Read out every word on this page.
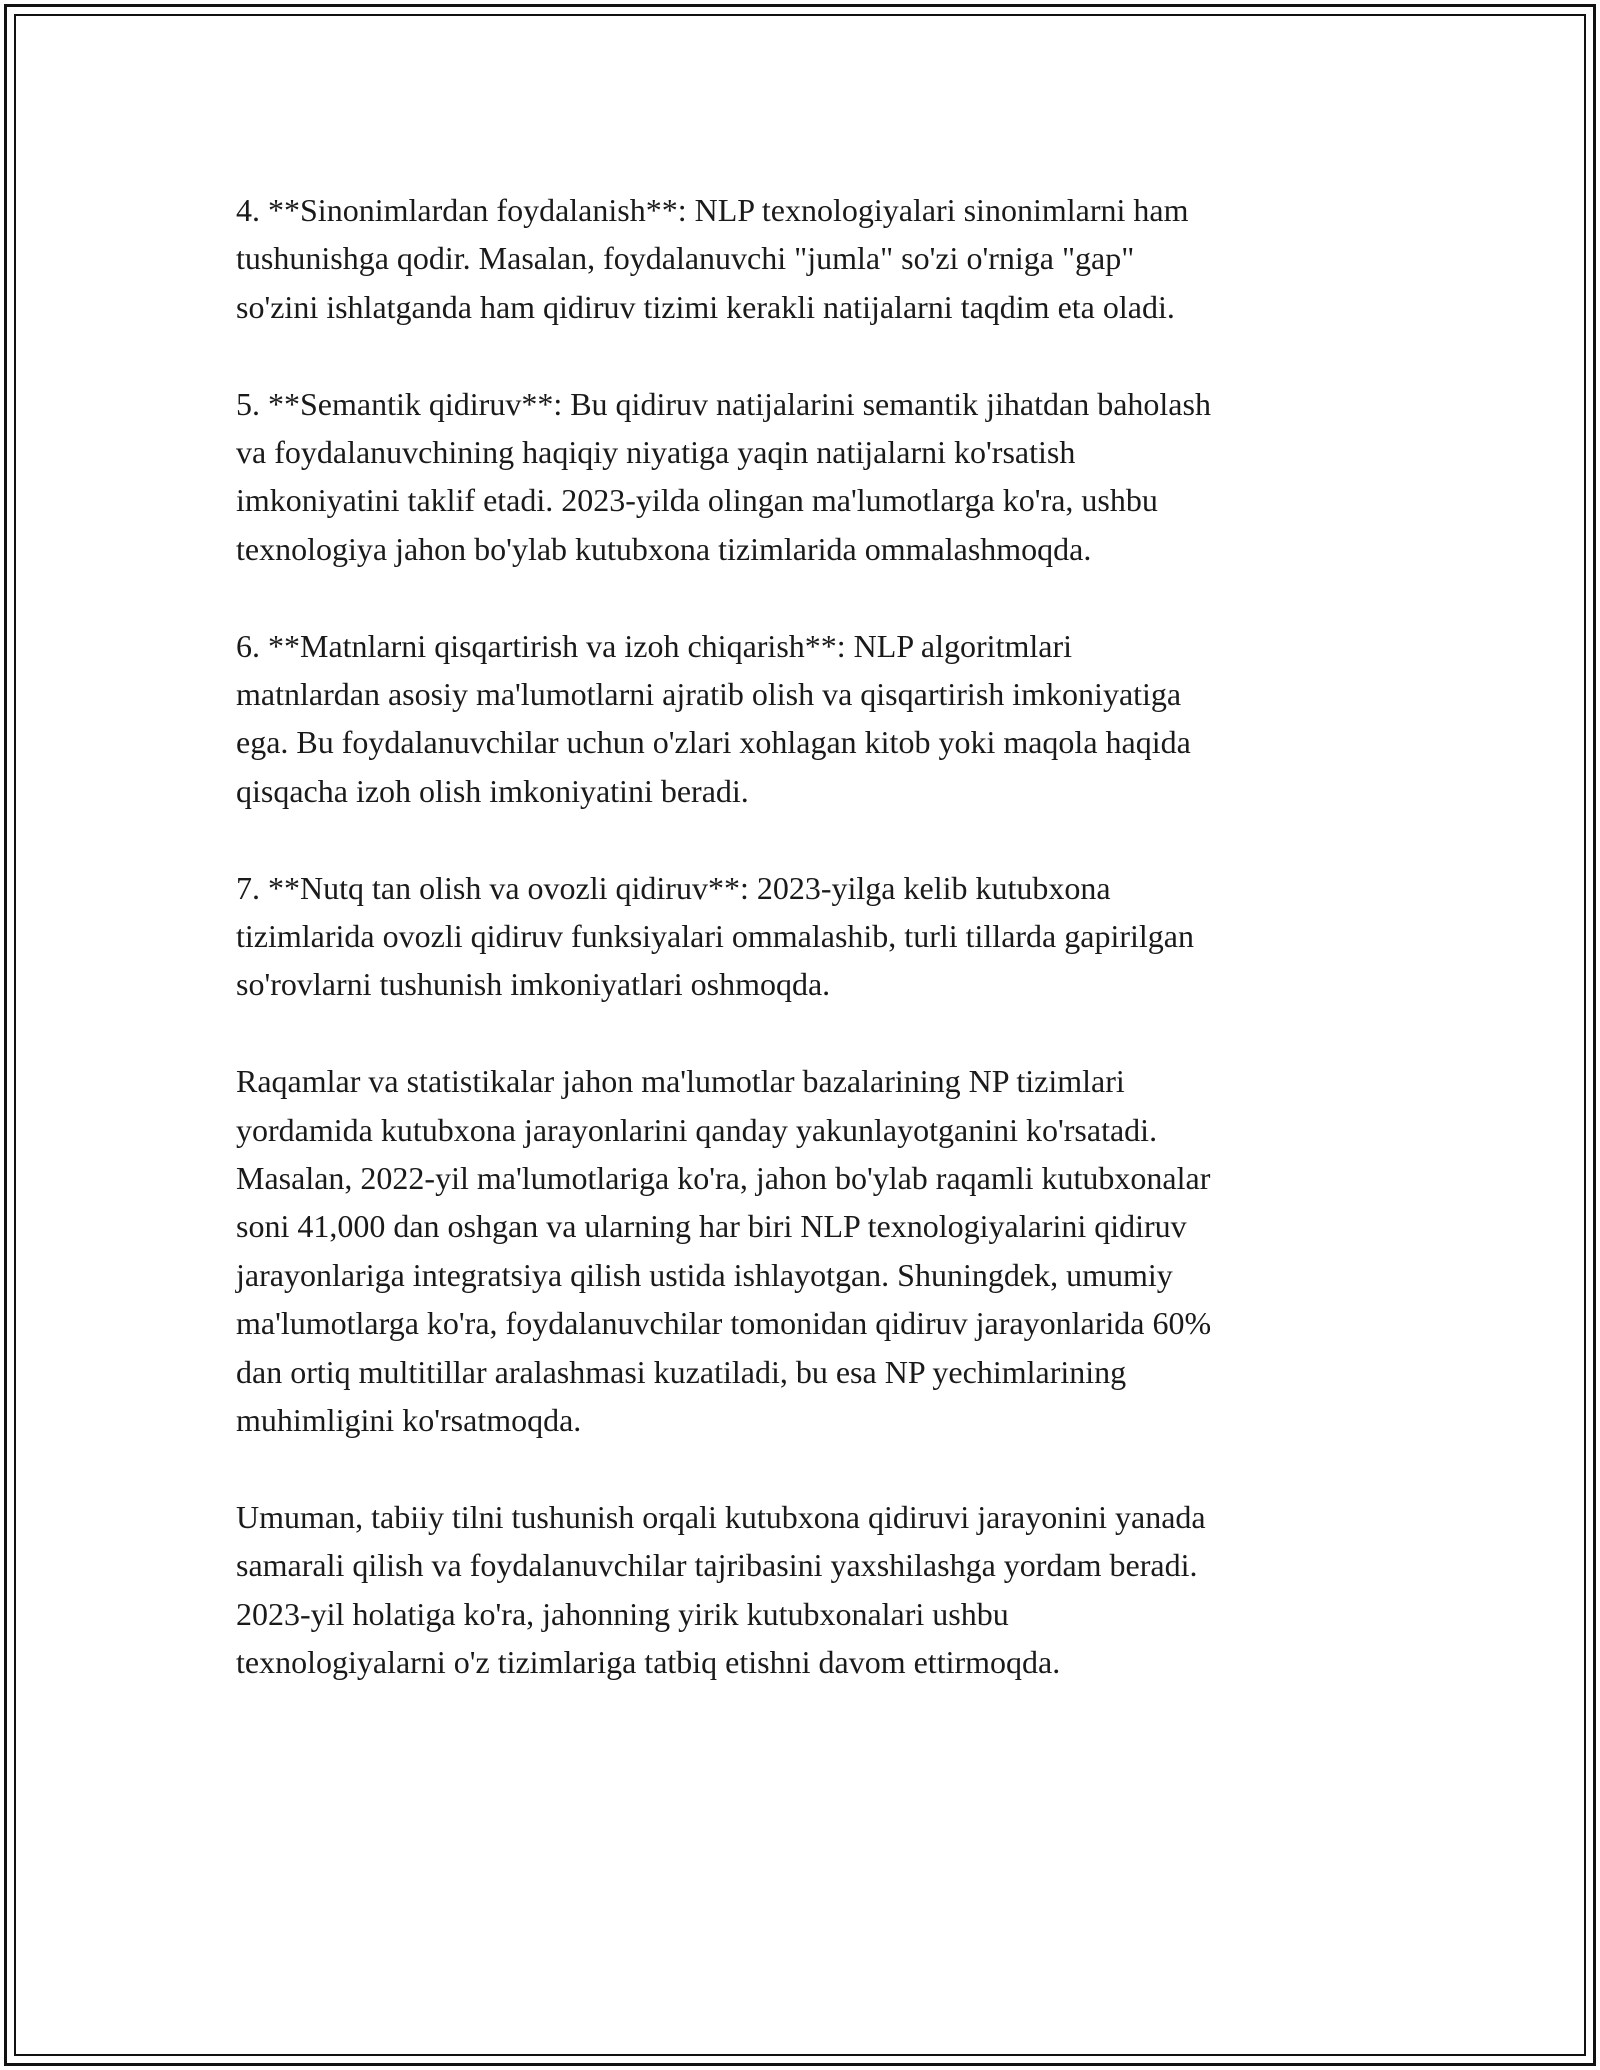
4. **Sinonimlardan foydalanish**: NLP texnologiyalari sinonimlarni ham
tushunishga qodir. Masalan, foydalanuvchi "jumla" so'zi o'rniga "gap"
so'zini ishlatganda ham qidiruv tizimi kerakli natijalarni taqdim eta oladi.

5. **Semantik qidiruv**: Bu qidiruv natijalarini semantik jihatdan baholash
va foydalanuvchining haqiqiy niyatiga yaqin natijalarni ko'rsatish
imkoniyatini taklif etadi. 2023-yilda olingan ma'lumotlarga ko'ra, ushbu
texnologiya jahon bo'ylab kutubxona tizimlarida ommalashmoqda.

6. **Matnlarni qisqartirish va izoh chiqarish**: NLP algoritmlari
matnlardan asosiy ma'lumotlarni ajratib olish va qisqartirish imkoniyatiga
ega. Bu foydalanuvchilar uchun o'zlari xohlagan kitob yoki maqola haqida
qisqacha izoh olish imkoniyatini beradi.

7. **Nutq tan olish va ovozli qidiruv**: 2023-yilga kelib kutubxona
tizimlarida ovozli qidiruv funksiyalari ommalashib, turli tillarda gapirilgan
so'rovlarni tushunish imkoniyatlari oshmoqda.

Raqamlar va statistikalar jahon ma'lumotlar bazalarining NP tizimlari
yordamida kutubxona jarayonlarini qanday yakunlayotganini ko'rsatadi.
Masalan, 2022-yil ma'lumotlariga ko'ra, jahon bo'ylab raqamli kutubxonalar
soni 41,000 dan oshgan va ularning har biri NLP texnologiyalarini qidiruv
jarayonlariga integratsiya qilish ustida ishlayotgan. Shuningdek, umumiy
ma'lumotlarga ko'ra, foydalanuvchilar tomonidan qidiruv jarayonlarida 60%
dan ortiq multitillar aralashmasi kuzatiladi, bu esa NP yechimlarining
muhimligini ko'rsatmoqda.

Umuman, tabiiy tilni tushunish orqali kutubxona qidiruvi jarayonini yanada
samarali qilish va foydalanuvchilar tajribasini yaxshilashga yordam beradi.
2023-yil holatiga ko'ra, jahonning yirik kutubxonalari ushbu
texnologiyalarni o'z tizimlariga tatbiq etishni davom ettirmoqda.
